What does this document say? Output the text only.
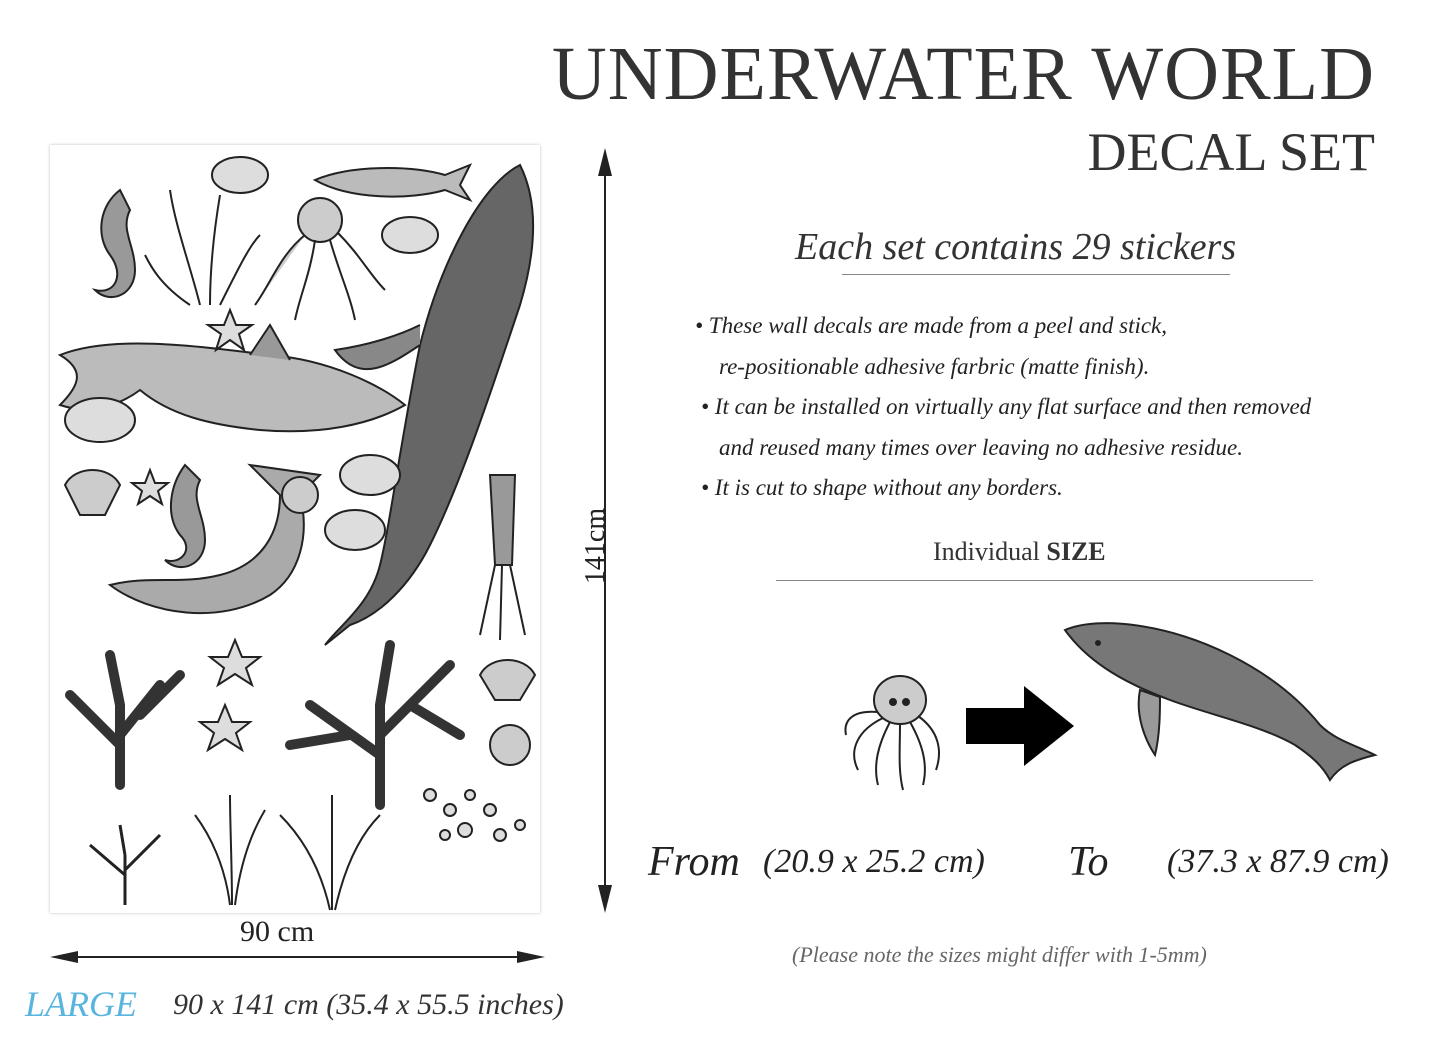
UNDERWATER WORLD
DECAL SET
141cm
90 cm
LARGE 90 x 141 cm (35.4 x 55.5 inches)
Each set contains 29 stickers
• These wall decals are made from a peel and stick,
re-positionable adhesive farbric (matte finish).
• It can be installed on virtually any flat surface and then removed
and reused many times over leaving no adhesive residue.
• It is cut to shape without any borders.
Individual SIZE
From (20.9 x 25.2 cm) To (37.3 x 87.9 cm)
(Please note the sizes might differ with 1-5mm)
